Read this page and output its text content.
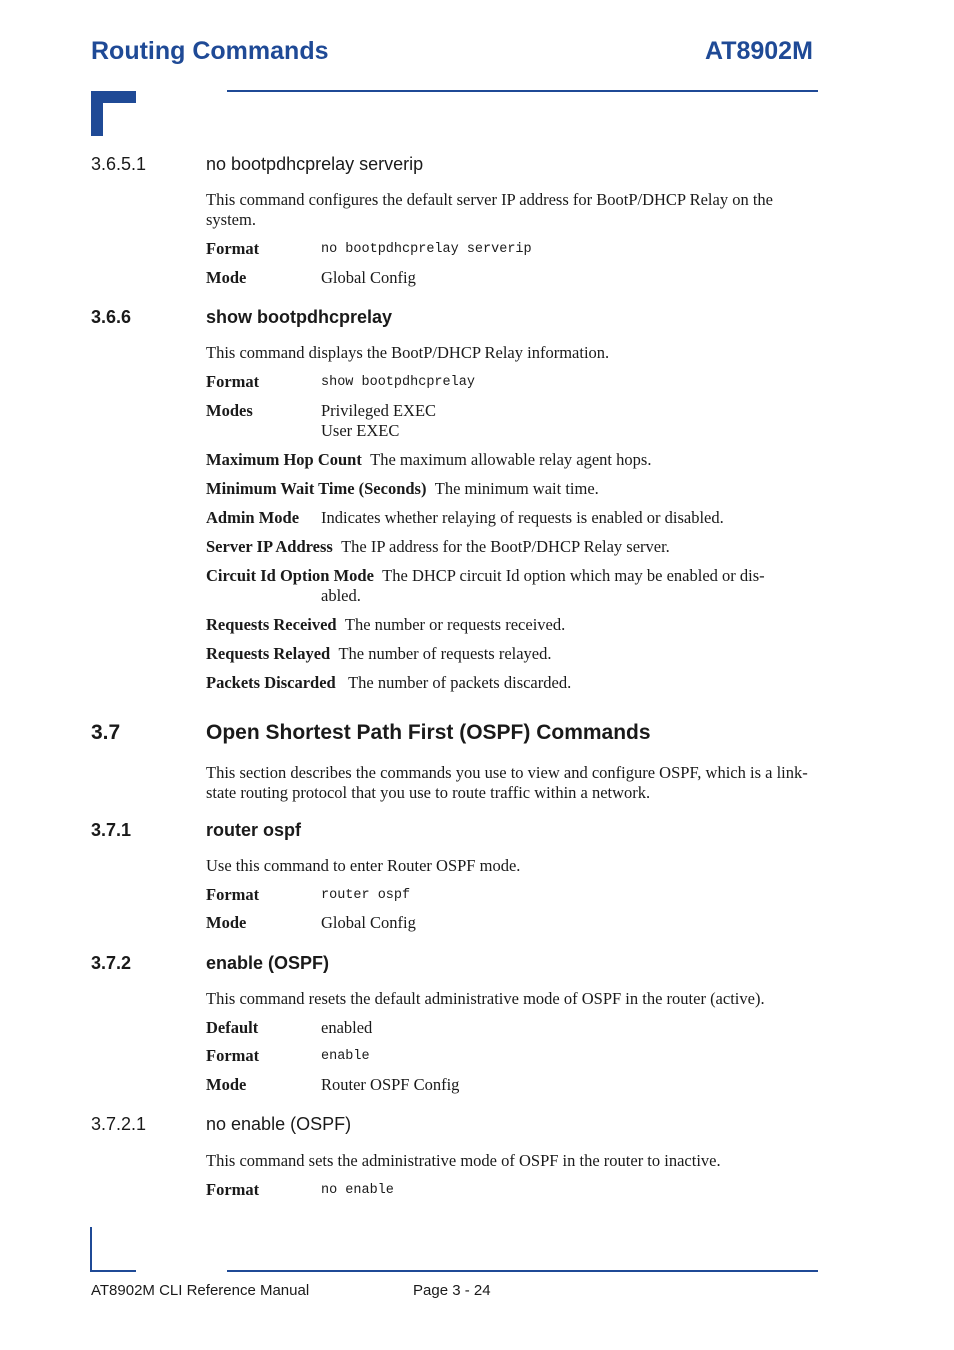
Routing Commands	AT8902M
3.6.5.1	no bootpdhcprelay serverip
This command configures the default server IP address for BootP/DHCP Relay on the system.
Format	no bootpdhcprelay serverip
Mode	Global Config
3.6.6	show bootpdhcprelay
This command displays the BootP/DHCP Relay information.
Format	show bootpdhcprelay
Modes	Privileged EXEC
User EXEC
Maximum Hop Count The maximum allowable relay agent hops.
Minimum Wait Time (Seconds) The minimum wait time.
Admin Mode Indicates whether relaying of requests is enabled or disabled.
Server IP Address The IP address for the BootP/DHCP Relay server.
Circuit Id Option Mode The DHCP circuit Id option which may be enabled or dis-
abled.
Requests Received The number or requests received.
Requests Relayed The number of requests relayed.
Packets Discarded The number of packets discarded.
3.7	Open Shortest Path First (OSPF) Commands
This section describes the commands you use to view and configure OSPF, which is a link-state routing protocol that you use to route traffic within a network.
3.7.1	router ospf
Use this command to enter Router OSPF mode.
Format	router ospf
Mode	Global Config
3.7.2	enable (OSPF)
This command resets the default administrative mode of OSPF in the router (active).
Default	enabled
Format	enable
Mode	Router OSPF Config
3.7.2.1	no enable (OSPF)
This command sets the administrative mode of OSPF in the router to inactive.
Format	no enable
AT8902M CLI Reference Manual	Page 3 - 24
